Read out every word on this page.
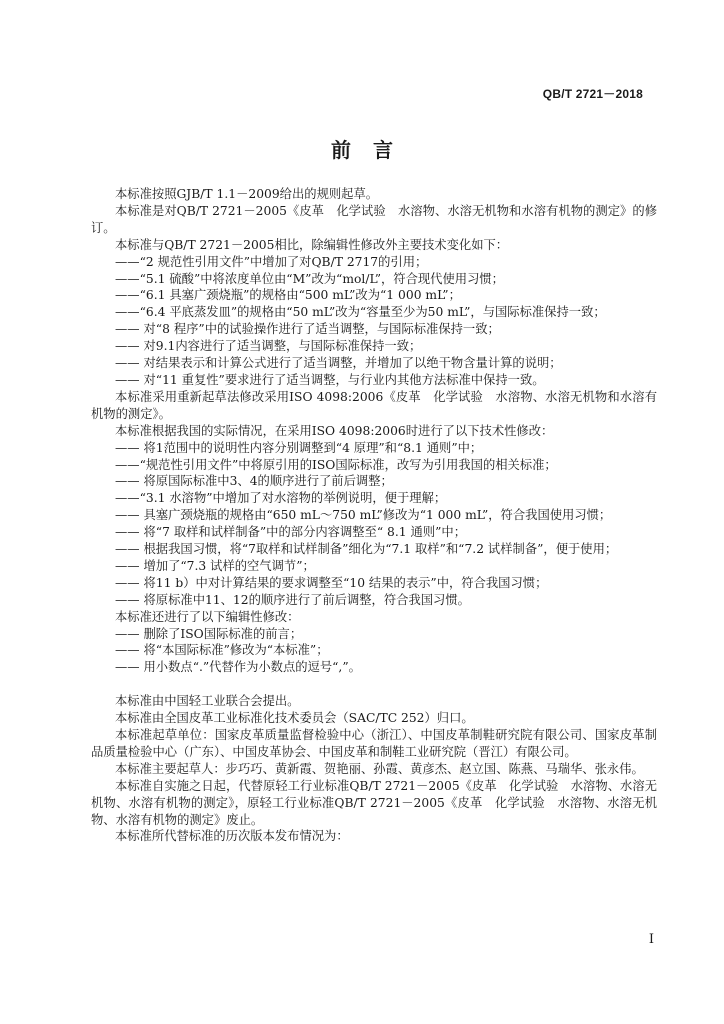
QB/T 2721－2018
前言
本标准按照GJB/T 1.1－2009给出的规则起草。
本标准是对QB/T 2721－2005《皮革　化学试验　水溶物、水溶无机物和水溶有机物的测定》的修订。
本标准与QB/T 2721－2005相比，除编辑性修改外主要技术变化如下：
——“2 规范性引用文件”中增加了对QB/T 2717的引用；
——“5.1 硫酸”中将浓度单位由“M”改为“mol/L”，符合现代使用习惯；
——“6.1 具塞广颈烧瓶”的规格由“500 mL”改为“1 000 mL”；
——“6.4 平底蒸发皿”的规格由“50 mL”改为“容量至少为50 mL”，与国际标准保持一致；
—— 对“8 程序”中的试验操作进行了适当调整，与国际标准保持一致；
—— 对9.1内容进行了适当调整，与国际标准保持一致；
—— 对结果表示和计算公式进行了适当调整，并增加了以绝干物含量计算的说明；
—— 对“11 重复性”要求进行了适当调整，与行业内其他方法标准中保持一致。
本标准采用重新起草法修改采用ISO 4098:2006《皮革　化学试验　水溶物、水溶无机物和水溶有机物的测定》。
本标准根据我国的实际情况，在采用ISO 4098:2006时进行了以下技术性修改：
—— 将1范围中的说明性内容分别调整到“4 原理”和“8.1 通则”中；
——“规范性引用文件”中将原引用的ISO国际标准，改写为引用我国的相关标准；
—— 将原国际标准中3、4的顺序进行了前后调整；
——“3.1 水溶物”中增加了对水溶物的举例说明，便于理解；
—— 具塞广颈烧瓶的规格由“650 mL～750 mL”修改为“1 000 mL”，符合我国使用习惯；
—— 将“7 取样和试样制备”中的部分内容调整至“ 8.1 通则”中；
—— 根据我国习惯，将“7取样和试样制备”细化为“7.1 取样”和“7.2 试样制备”，便于使用；
—— 增加了“7.3 试样的空气调节”；
—— 将11 b）中对计算结果的要求调整至“10 结果的表示”中，符合我国习惯；
—— 将原标准中11、12的顺序进行了前后调整，符合我国习惯。
本标准还进行了以下编辑性修改：
—— 删除了ISO国际标准的前言；
—— 将“本国际标准”修改为“本标准”；
—— 用小数点“.”代替作为小数点的逗号“,”。
本标准由中国轻工业联合会提出。
本标准由全国皮革工业标准化技术委员会（SAC/TC 252）归口。
本标准起草单位：国家皮革质量监督检验中心（浙江）、中国皮革制鞋研究院有限公司、国家皮革制品质量检验中心（广东）、中国皮革协会、中国皮革和制鞋工业研究院（晋江）有限公司。
本标准主要起草人：步巧巧、黄新霞、贺艳丽、孙霞、黄彦杰、赵立国、陈燕、马瑞华、张永伟。
本标准自实施之日起，代替原轻工行业标准QB/T 2721－2005《皮革　化学试验　水溶物、水溶无机物、水溶有机物的测定》，原轻工行业标准QB/T 2721－2005《皮革　化学试验　水溶物、水溶无机物、水溶有机物的测定》废止。
本标准所代替标准的历次版本发布情况为：
I
